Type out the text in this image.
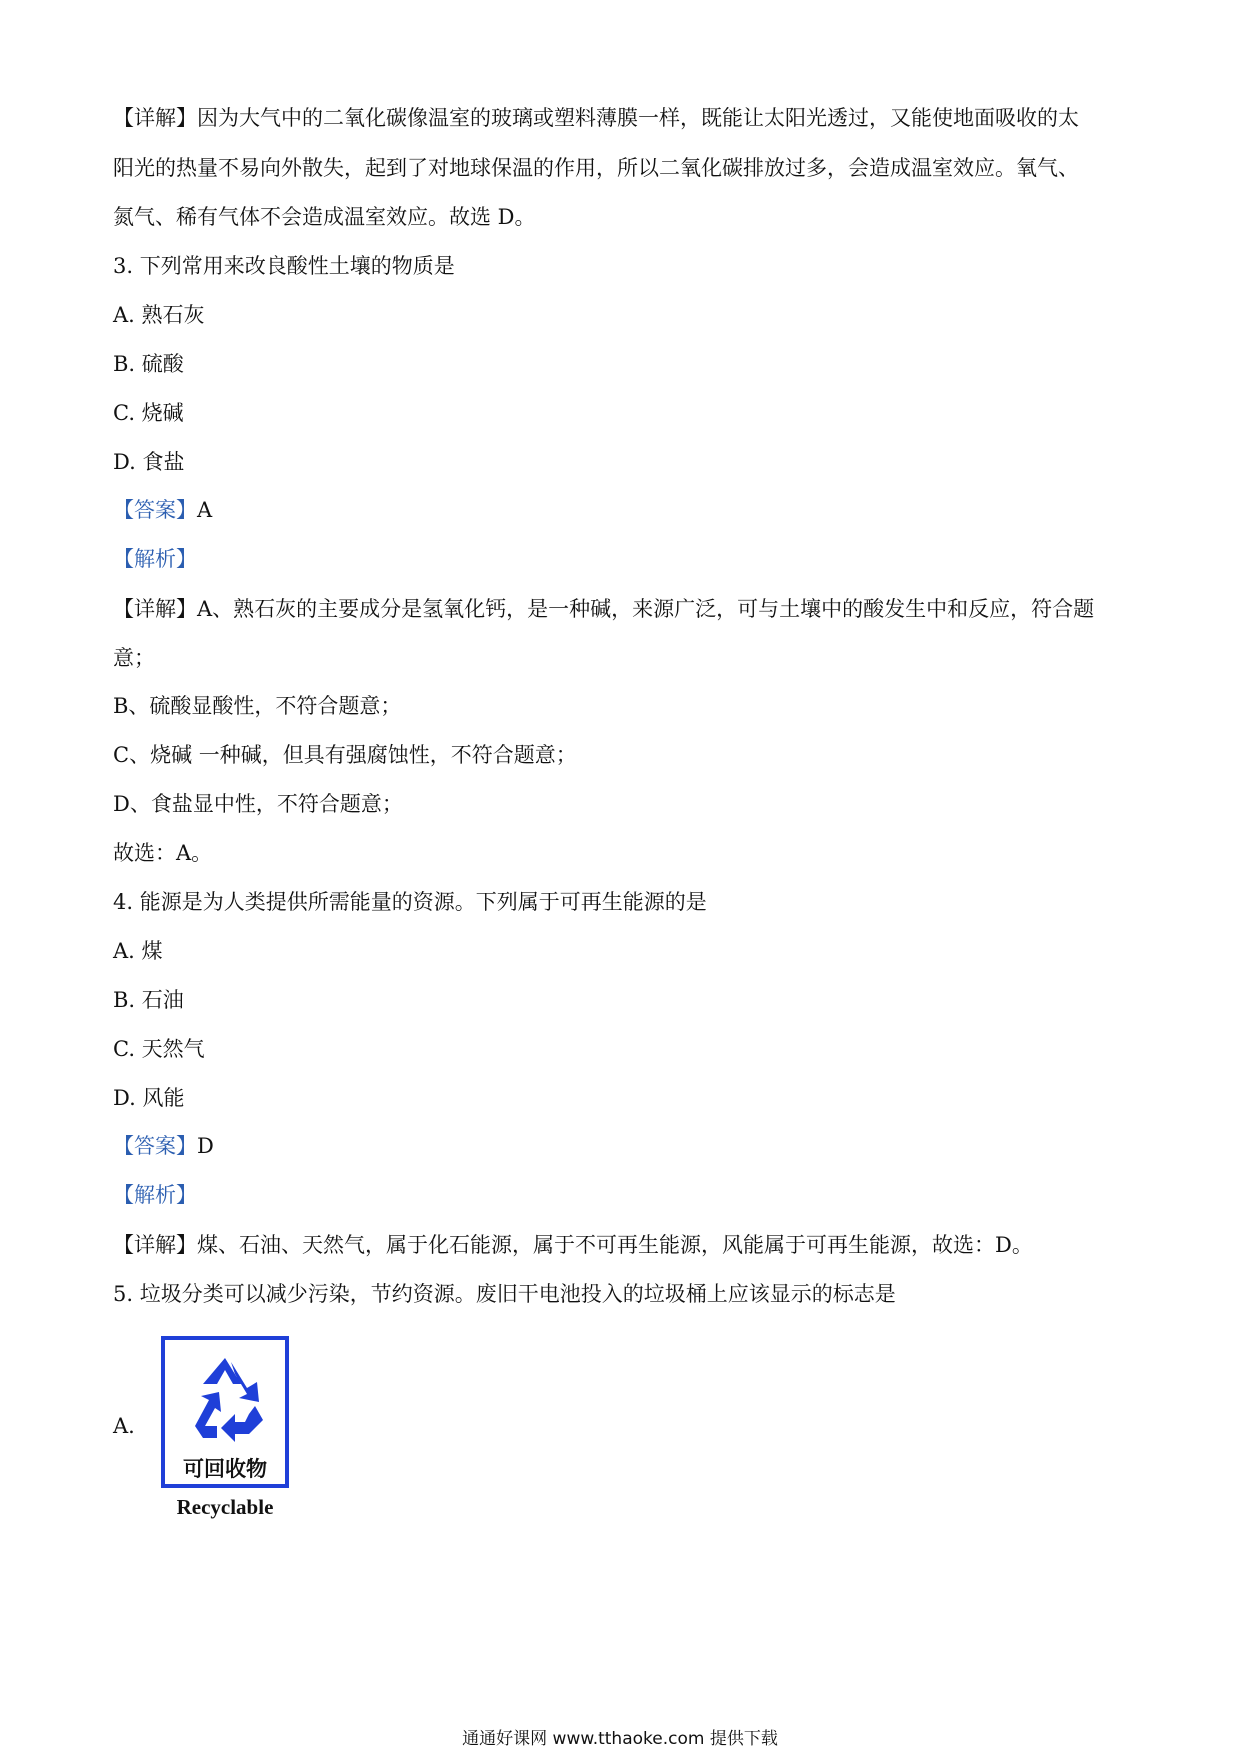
【详解】因为大气中的二氧化碳像温室的玻璃或塑料薄膜一样，既能让太阳光透过，又能使地面吸收的太
阳光的热量不易向外散失，起到了对地球保温的作用，所以二氧化碳排放过多，会造成温室效应。氧气、
氮气、稀有气体不会造成温室效应。故选 D。
3. 下列常用来改良酸性土壤的物质是
A. 熟石灰
B. 硫酸
C. 烧碱
D. 食盐
【答案】A
【解析】
【详解】A、熟石灰的主要成分是氢氧化钙，是一种碱，来源广泛，可与土壤中的酸发生中和反应，符合题
意；
B、硫酸显酸性，不符合题意；
C、烧碱 一种碱，但具有强腐蚀性，不符合题意；
D、食盐显中性，不符合题意；
故选：A。
4. 能源是为人类提供所需能量的资源。下列属于可再生能源的是
A. 煤
B. 石油
C. 天然气
D. 风能
【答案】D
【解析】
【详解】煤、石油、天然气，属于化石能源，属于不可再生能源，风能属于可再生能源，故选：D。
5. 垃圾分类可以减少污染，节约资源。废旧干电池投入的垃圾桶上应该显示的标志是
A.
可回收物
Recyclable
通通好课网 www.tthaoke.com 提供下载
